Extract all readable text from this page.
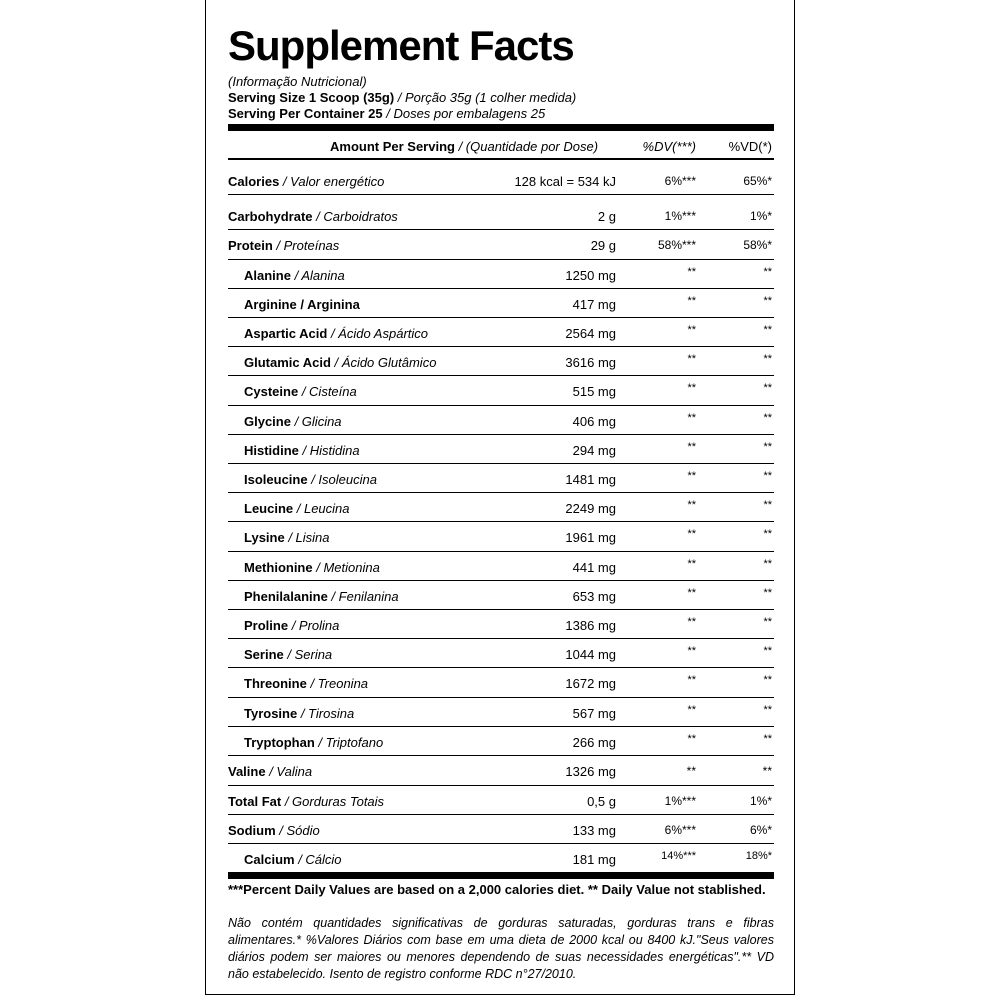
Supplement Facts
(Informação Nutricional)
Serving Size 1 Scoop (35g) / Porção 35g (1 colher medida)
Serving Per Container 25 / Doses por embalagens 25
Amount Per Serving / (Quantidade por Dose)	%DV(***)	%VD(*)
Calories / Valor energético	128 kcal = 534 kJ	6%***	65%*
Carbohydrate / Carboidratos	2 g	1%***	1%*
Protein / Proteínas	29 g	58%***	58%*
Alanine / Alanina	1250 mg	**	**
Arginine / Arginina	417 mg	**	**
Aspartic Acid / Ácido Aspártico	2564 mg	**	**
Glutamic Acid / Ácido Glutâmico	3616 mg	**	**
Cysteine / Cisteína	515 mg	**	**
Glycine / Glicina	406 mg	**	**
Histidine / Histidina	294 mg	**	**
Isoleucine / Isoleucina	1481 mg	**	**
Leucine / Leucina	2249 mg	**	**
Lysine / Lisina	1961 mg	**	**
Methionine / Metionina	441 mg	**	**
Phenilalanine / Fenilanina	653 mg	**	**
Proline / Prolina	1386 mg	**	**
Serine / Serina	1044 mg	**	**
Threonine / Treonina	1672 mg	**	**
Tyrosine / Tirosina	567 mg	**	**
Tryptophan / Triptofano	266 mg	**	**
Valine / Valina	1326 mg	**	**
Total Fat / Gorduras Totais	0,5 g	1%***	1%*
Sodium / Sódio	133 mg	6%***	6%*
Calcium / Cálcio	181 mg	14%***	18%*
***Percent Daily Values are based on a 2,000 calories diet. ** Daily Value not stablished.
Não contém quantidades significativas de gorduras saturadas, gorduras trans e fibras alimentares.* %Valores Diários com base em uma dieta de 2000 kcal ou 8400 kJ."Seus valores diários podem ser maiores ou menores dependendo de suas necessidades energéticas".** VD não estabelecido. Isento de registro conforme RDC n°27/2010.
